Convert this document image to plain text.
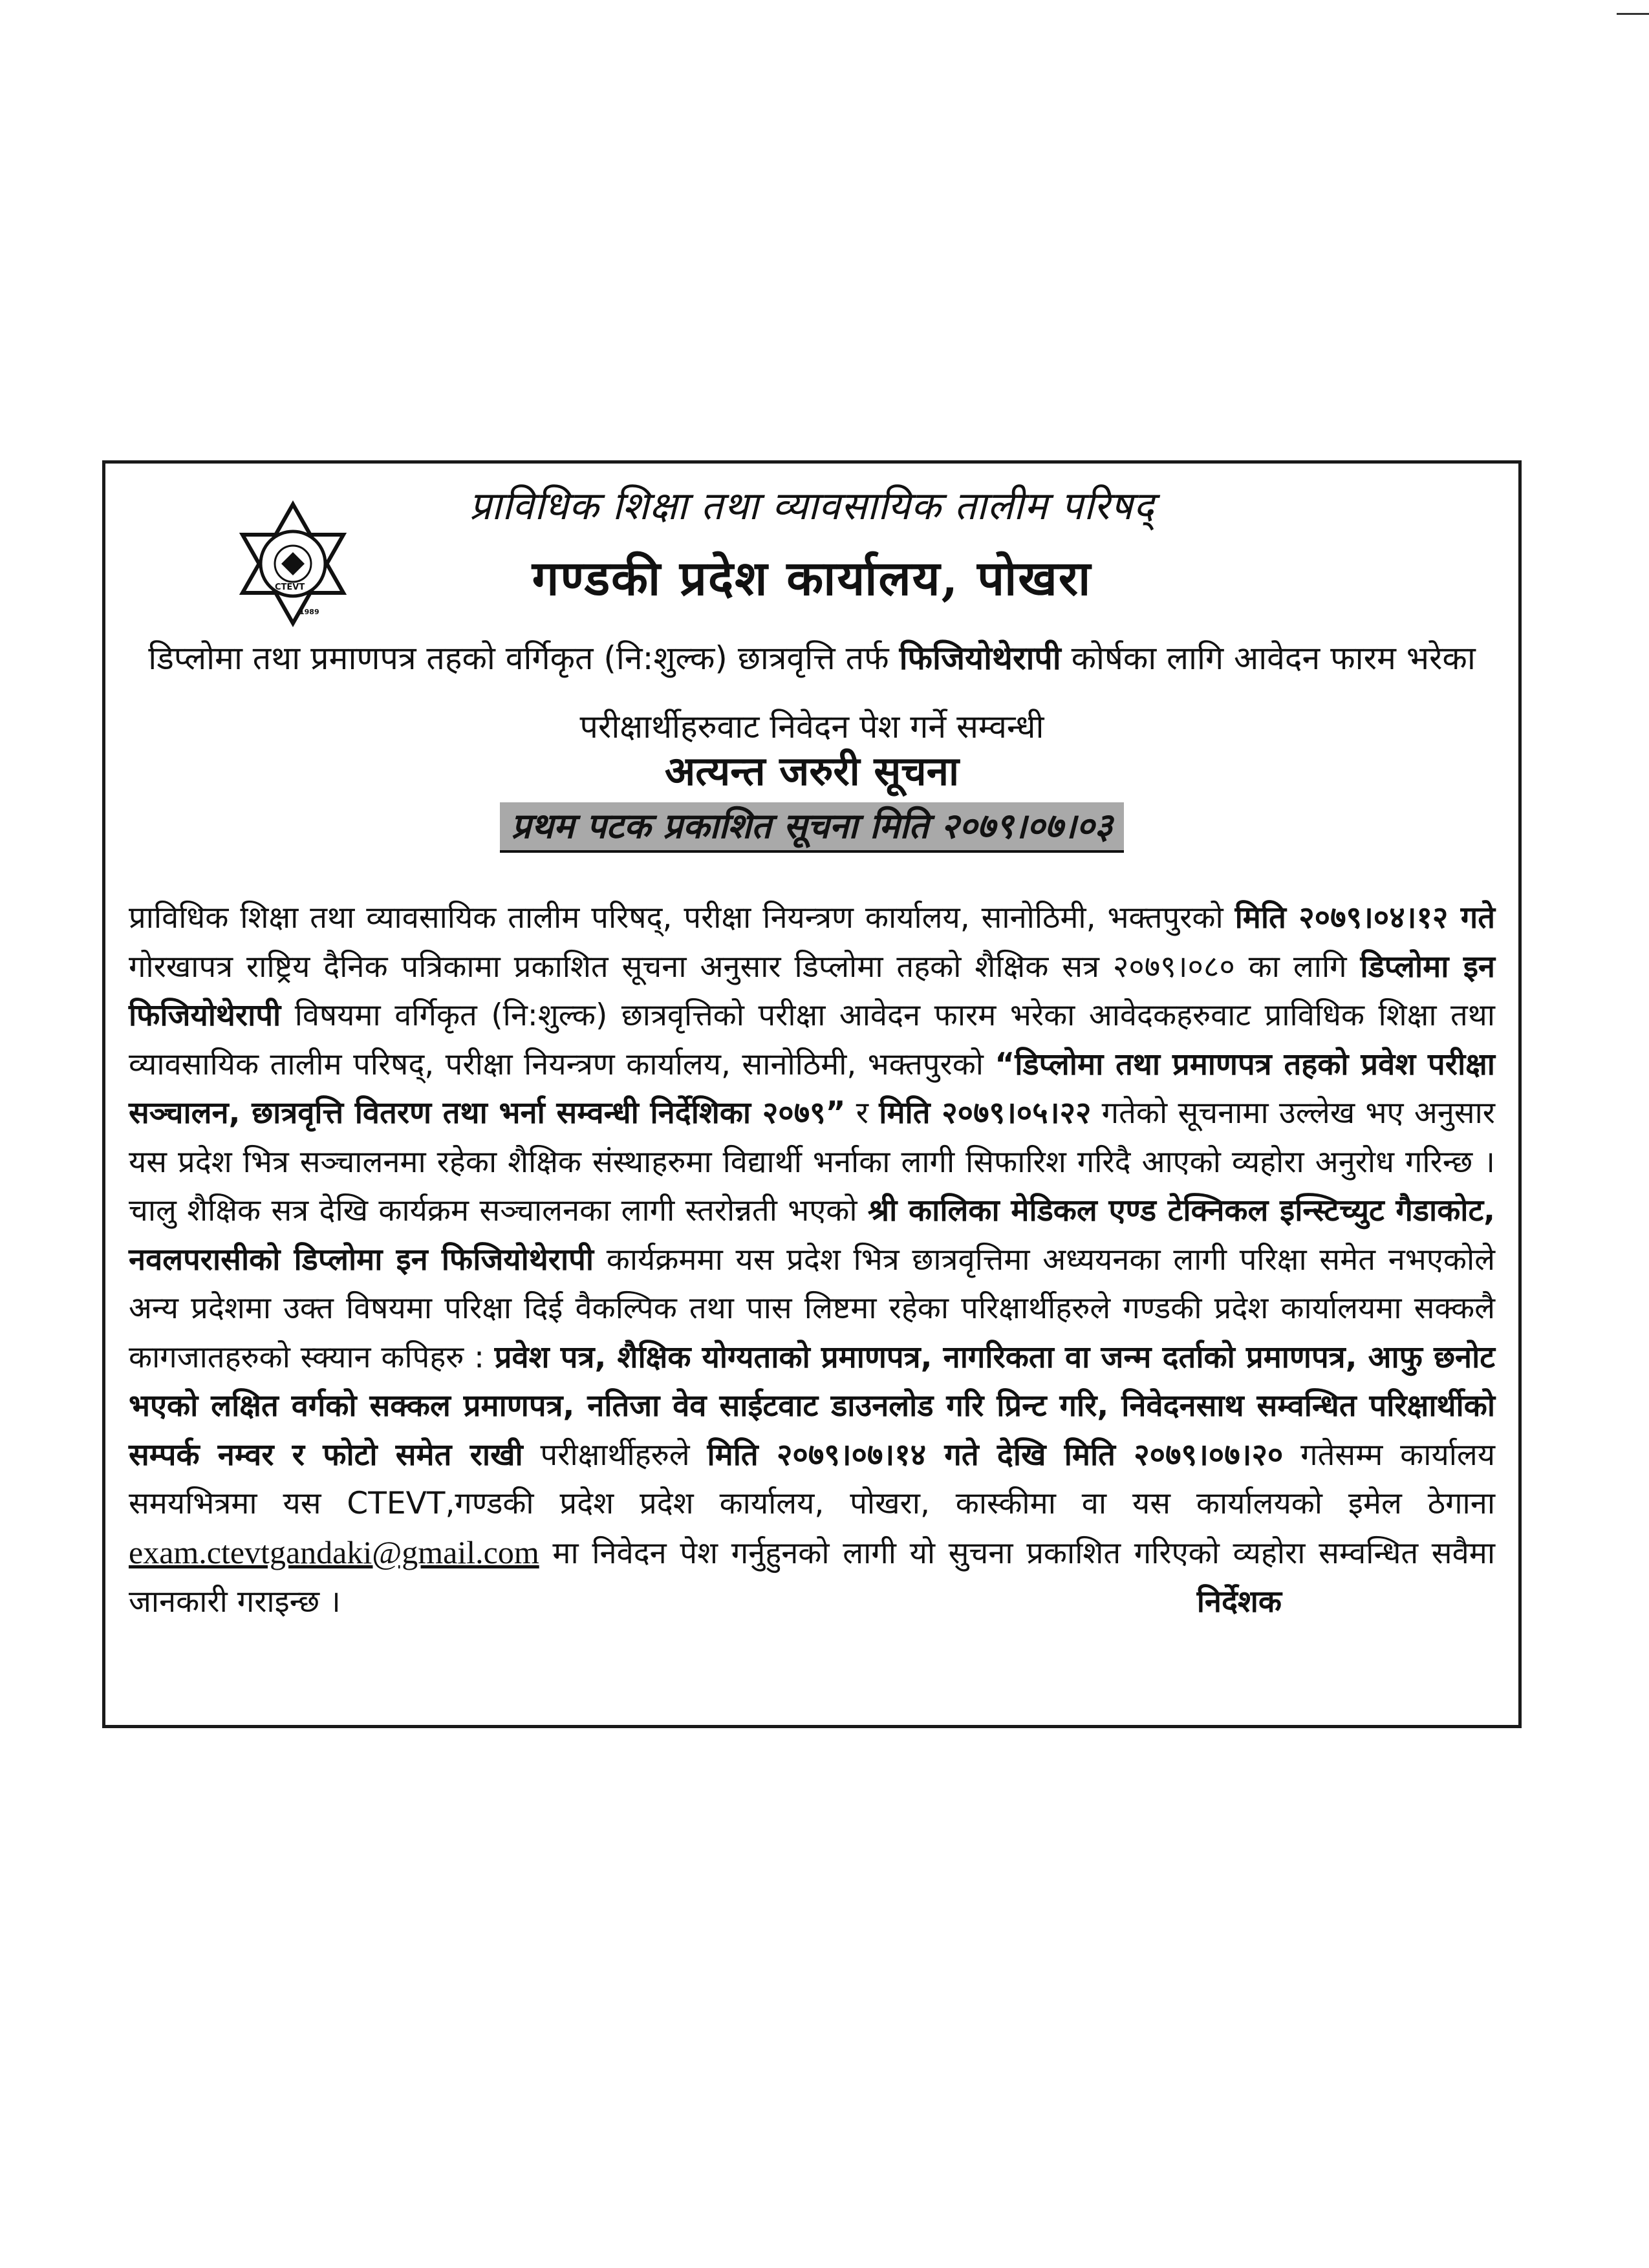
CTEVT
1989
प्राविधिक शिक्षा तथा व्यावसायिक तालीम परिषद्
गण्डकी प्रदेश कार्यालय, पोखरा

डिप्लोमा तथा प्रमाणपत्र तहको वर्गिकृत (नि:शुल्क) छात्रवृत्ति तर्फ फिजियोथेरापी कोर्षका लागि आवेदन फारम भरेका परीक्षार्थीहरुवाट निवेदन पेश गर्ने सम्वन्धी

अत्यन्त जरुरी सूचना
प्रथम पटक प्रकाशित सूचना मिति २०७९।०७।०३

प्राविधिक शिक्षा तथा व्यावसायिक तालीम परिषद्, परीक्षा नियन्त्रण कार्यालय, सानोठिमी, भक्तपुरको मिति २०७९।०४।१२ गते गोरखापत्र राष्ट्रिय दैनिक पत्रिकामा प्रकाशित सूचना अनुसार डिप्लोमा तहको शैक्षिक सत्र २०७९।०८० का लागि डिप्लोमा इन फिजियोथेरापी विषयमा वर्गिकृत (नि:शुल्क) छात्रवृत्तिको परीक्षा आवेदन फारम भरेका आवेदकहरुवाट प्राविधिक शिक्षा तथा व्यावसायिक तालीम परिषद्, परीक्षा नियन्त्रण कार्यालय, सानोठिमी, भक्तपुरको “डिप्लोमा तथा प्रमाणपत्र तहको प्रवेश परीक्षा सञ्चालन, छात्रवृत्ति वितरण तथा भर्ना सम्वन्धी निर्देशिका २०७९” र मिति २०७९।०५।२२ गतेको सूचनामा उल्लेख भए अनुसार यस प्रदेश भित्र सञ्चालनमा रहेका शैक्षिक संस्थाहरुमा विद्यार्थी भर्नाका लागी सिफारिश गरिदै आएको व्यहोरा अनुरोध गरिन्छ । चालु शैक्षिक सत्र देखि कार्यक्रम सञ्चालनका लागी स्तरोन्नती भएको श्री कालिका मेडिकल एण्ड टेक्निकल इन्स्टिच्युट गैडाकोट, नवलपरासीको डिप्लोमा इन फिजियोथेरापी कार्यक्रममा यस प्रदेश भित्र छात्रवृत्तिमा अध्ययनका लागी परिक्षा समेत नभएकोले अन्य प्रदेशमा उक्त विषयमा परिक्षा दिई वैकल्पिक तथा पास लिष्टमा रहेका परिक्षार्थीहरुले गण्डकी प्रदेश कार्यालयमा सक्कलै कागजातहरुको स्क्यान कपिहरु : प्रवेश पत्र, शैक्षिक योग्यताको प्रमाणपत्र, नागरिकता वा जन्म दर्ताको प्रमाणपत्र, आफु छनोट भएको लक्षित वर्गको सक्कल प्रमाणपत्र, नतिजा वेव साईटवाट डाउनलोड गरि प्रिन्ट गरि, निवेदनसाथ सम्वन्धित परिक्षार्थीको सम्पर्क नम्वर र फोटो समेत राखी परीक्षार्थीहरुले मिति २०७९।०७।१४ गते देखि मिति २०७९।०७।२० गतेसम्म कार्यालय समयभित्रमा यस CTEVT,गण्डकी प्रदेश प्रदेश कार्यालय, पोखरा, कास्कीमा वा यस कार्यालयको इमेल ठेगाना exam.ctevtgandaki@gmail.com मा निवेदन पेश गर्नुहुनको लागी यो सुचना प्रकाशित गरिएको व्यहोरा सम्वन्धित सवैमा जानकारी गराइन्छ ।	निर्देशक
